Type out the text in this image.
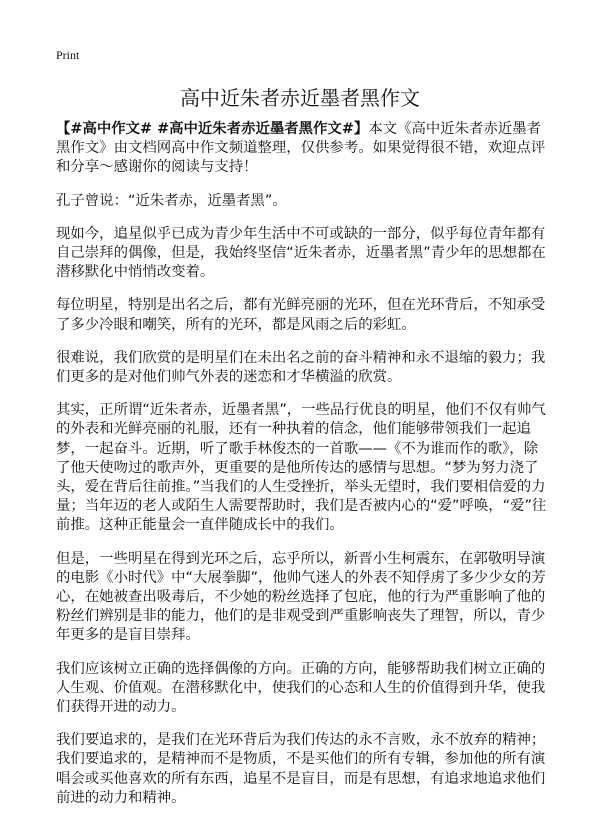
Print
高中近朱者赤近墨者黑作文

【#高中作文# #高中近朱者赤近墨者黑作文#】本文《高中近朱者赤近墨者黑作文》由文档网高中作文频道整理，仅供参考。如果觉得很不错，欢迎点评和分享～感谢你的阅读与支持！

孔子曾说：“近朱者赤，近墨者黑”。

现如今，追星似乎已成为青少年生活中不可或缺的一部分，似乎每位青年都有自己崇拜的偶像，但是，我始终坚信“近朱者赤，近墨者黑”青少年的思想都在潜移默化中悄悄改变着。

每位明星，特别是出名之后，都有光鲜亮丽的光环，但在光环背后，不知承受了多少冷眼和嘲笑，所有的光环，都是风雨之后的彩虹。

很难说，我们欣赏的是明星们在未出名之前的奋斗精神和永不退缩的毅力；我们更多的是对他们帅气外表的迷恋和才华横溢的欣赏。

其实，正所谓“近朱者赤，近墨者黑”，一些品行优良的明星，他们不仅有帅气的外表和光鲜亮丽的礼服，还有一种执着的信念，他们能够带领我们一起追梦，一起奋斗。近期，听了歌手林俊杰的一首歌——《不为谁而作的歌》，除了他天使吻过的歌声外，更重要的是他所传达的感情与思想。“梦为努力浇了头，爱在背后往前推。”当我们的人生受挫折，举头无望时，我们要相信爱的力量；当年迈的老人或陌生人需要帮助时，我们是否被内心的“爱”呼唤，“爱”往前推。这种正能量会一直伴随成长中的我们。

但是，一些明星在得到光环之后，忘乎所以，新晋小生柯震东，在郭敬明导演的电影《小时代》中“大展拳脚”，他帅气迷人的外表不知俘虏了多少少女的芳心，在她被查出吸毒后，不少她的粉丝选择了包庇，他的行为严重影响了他的粉丝们辨别是非的能力，他们的是非观受到严重影响丧失了理智，所以，青少年更多的是盲目崇拜。

我们应该树立正确的选择偶像的方向。正确的方向，能够帮助我们树立正确的人生观、价值观。在潜移默化中，使我们的心态和人生的价值得到升华，使我们获得开进的动力。

我们要追求的，是我们在光环背后为我们传达的永不言败，永不放弃的精神；我们要追求的，是精神而不是物质，不是买他们的所有专辑，参加他的所有演唱会或买他喜欢的所有东西，追星不是盲目，而是有思想，有追求地追求他们前进的动力和精神。
